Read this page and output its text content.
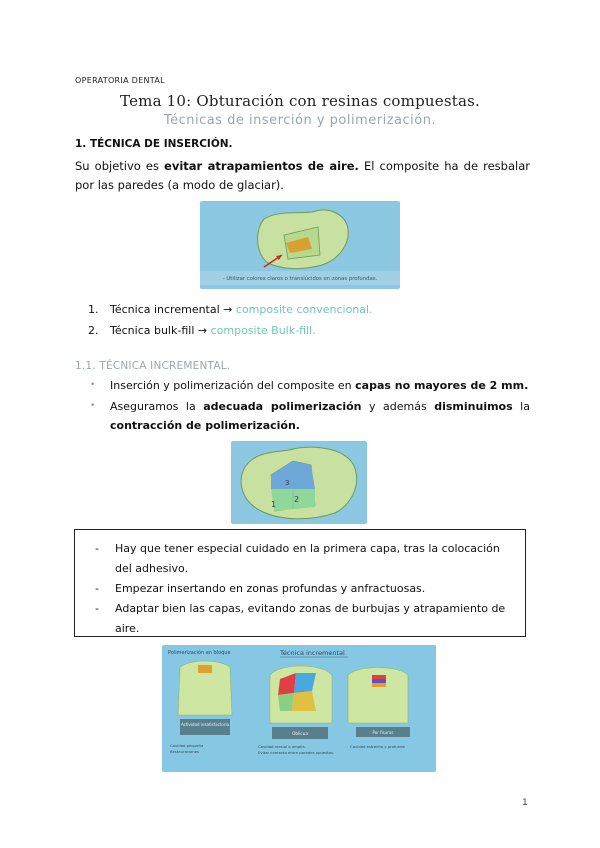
OPERATORIA DENTAL
Tema 10: Obturación con resinas compuestas.
Técnicas de inserción y polimerización.
1. TÉCNICA DE INSERCIÓN.
Su objetivo es evitar atrapamientos de aire. El composite ha de resbalar por las paredes (a modo de glaciar).
- Utilizar colores claros o translúcidos en zonas profundas.
1. Técnica incremental → composite convencional.
2. Técnica bulk-fill → composite Bulk-fill.
1.1. TÉCNICA INCREMENTAL.
• Inserción y polimerización del composite en capas no mayores de 2 mm.
• Aseguramos la adecuada polimerización y además disminuimos la contracción de polimerización.
3
1
2
- Hay que tener especial cuidado en la primera capa, tras la colocación del adhesivo.
- Empezar insertando en zonas profundas y anfractuosas.
- Adaptar bien las capas, evitando zonas de burbujas y atrapamiento de aire.
Polimerización en bloque	Técnica incremental
Actividad insatisfactoria
Cavidad pequeña
Restauraciones
Oblicua
Cavidad mesial o amplia.
Evitar contacto entre paredes opuestas.
Por fisuras
Cavidad estrecha y profunda
1
